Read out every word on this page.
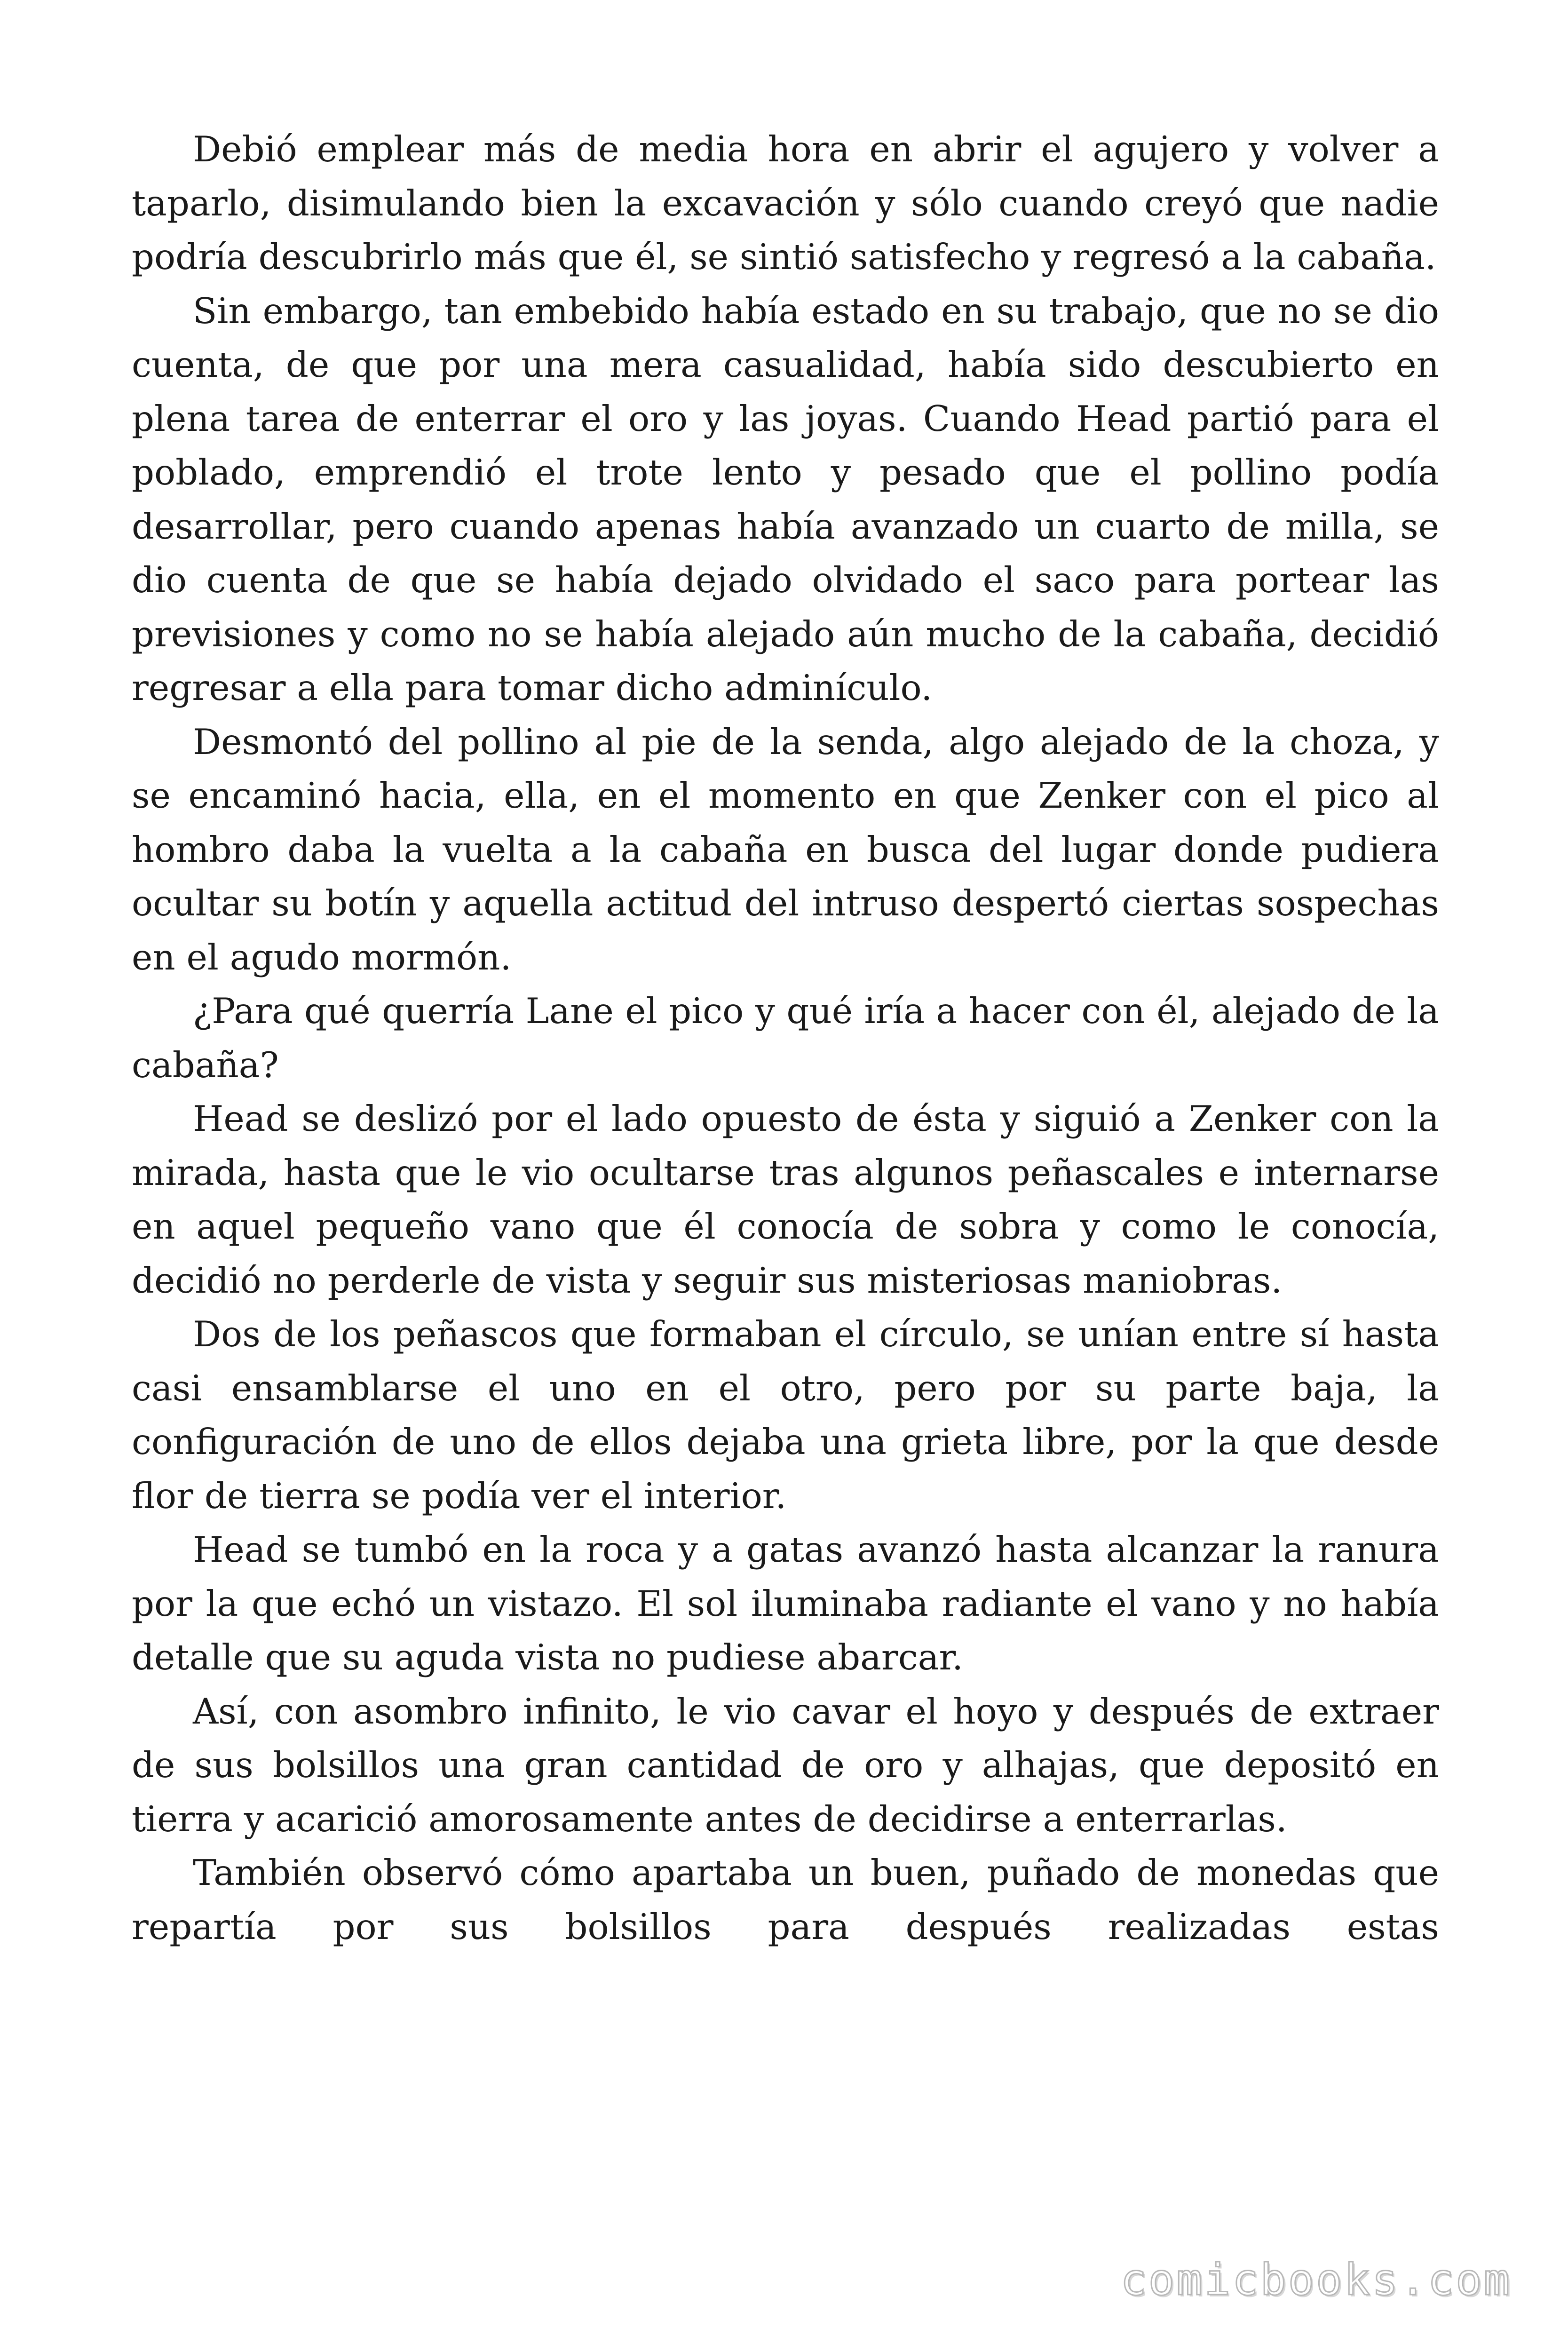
Debió emplear más de media hora en abrir el agujero y volver a taparlo, disimulando bien la excavación y sólo cuando creyó que nadie podría descubrirlo más que él, se sintió satisfecho y regresó a la cabaña.

Sin embargo, tan embebido había estado en su trabajo, que no se dio cuenta, de que por una mera casualidad, había sido descubierto en plena tarea de enterrar el oro y las joyas. Cuando Head partió para el poblado, emprendió el trote lento y pesado que el pollino podía desarrollar, pero cuando apenas había avanzado un cuarto de milla, se dio cuenta de que se había dejado olvidado el saco para portear las previsiones y como no se había alejado aún mucho de la cabaña, decidió regresar a ella para tomar dicho adminículo.

Desmontó del pollino al pie de la senda, algo alejado de la choza, y se encaminó hacia, ella, en el momento en que Zenker con el pico al hombro daba la vuelta a la cabaña en busca del lugar donde pudiera ocultar su botín y aquella actitud del intruso despertó ciertas sospechas en el agudo mormón.

¿Para qué querría Lane el pico y qué iría a hacer con él, alejado de la cabaña?

Head se deslizó por el lado opuesto de ésta y siguió a Zenker con la mirada, hasta que le vio ocultarse tras algunos peñascales e internarse en aquel pequeño vano que él conocía de sobra y como le conocía, decidió no perderle de vista y seguir sus misteriosas maniobras.

Dos de los peñascos que formaban el círculo, se unían entre sí hasta casi ensamblarse el uno en el otro, pero por su parte baja, la configuración de uno de ellos dejaba una grieta libre, por la que desde flor de tierra se podía ver el interior.

Head se tumbó en la roca y a gatas avanzó hasta alcanzar la ranura por la que echó un vistazo. El sol iluminaba radiante el vano y no había detalle que su aguda vista no pudiese abarcar.

Así, con asombro infinito, le vio cavar el hoyo y después de extraer de sus bolsillos una gran cantidad de oro y alhajas, que depositó en tierra y acarició amorosamente antes de decidirse a enterrarlas.

También observó cómo apartaba un buen, puñado de monedas que repartía por sus bolsillos para después realizadas estas

comicbooks.com
